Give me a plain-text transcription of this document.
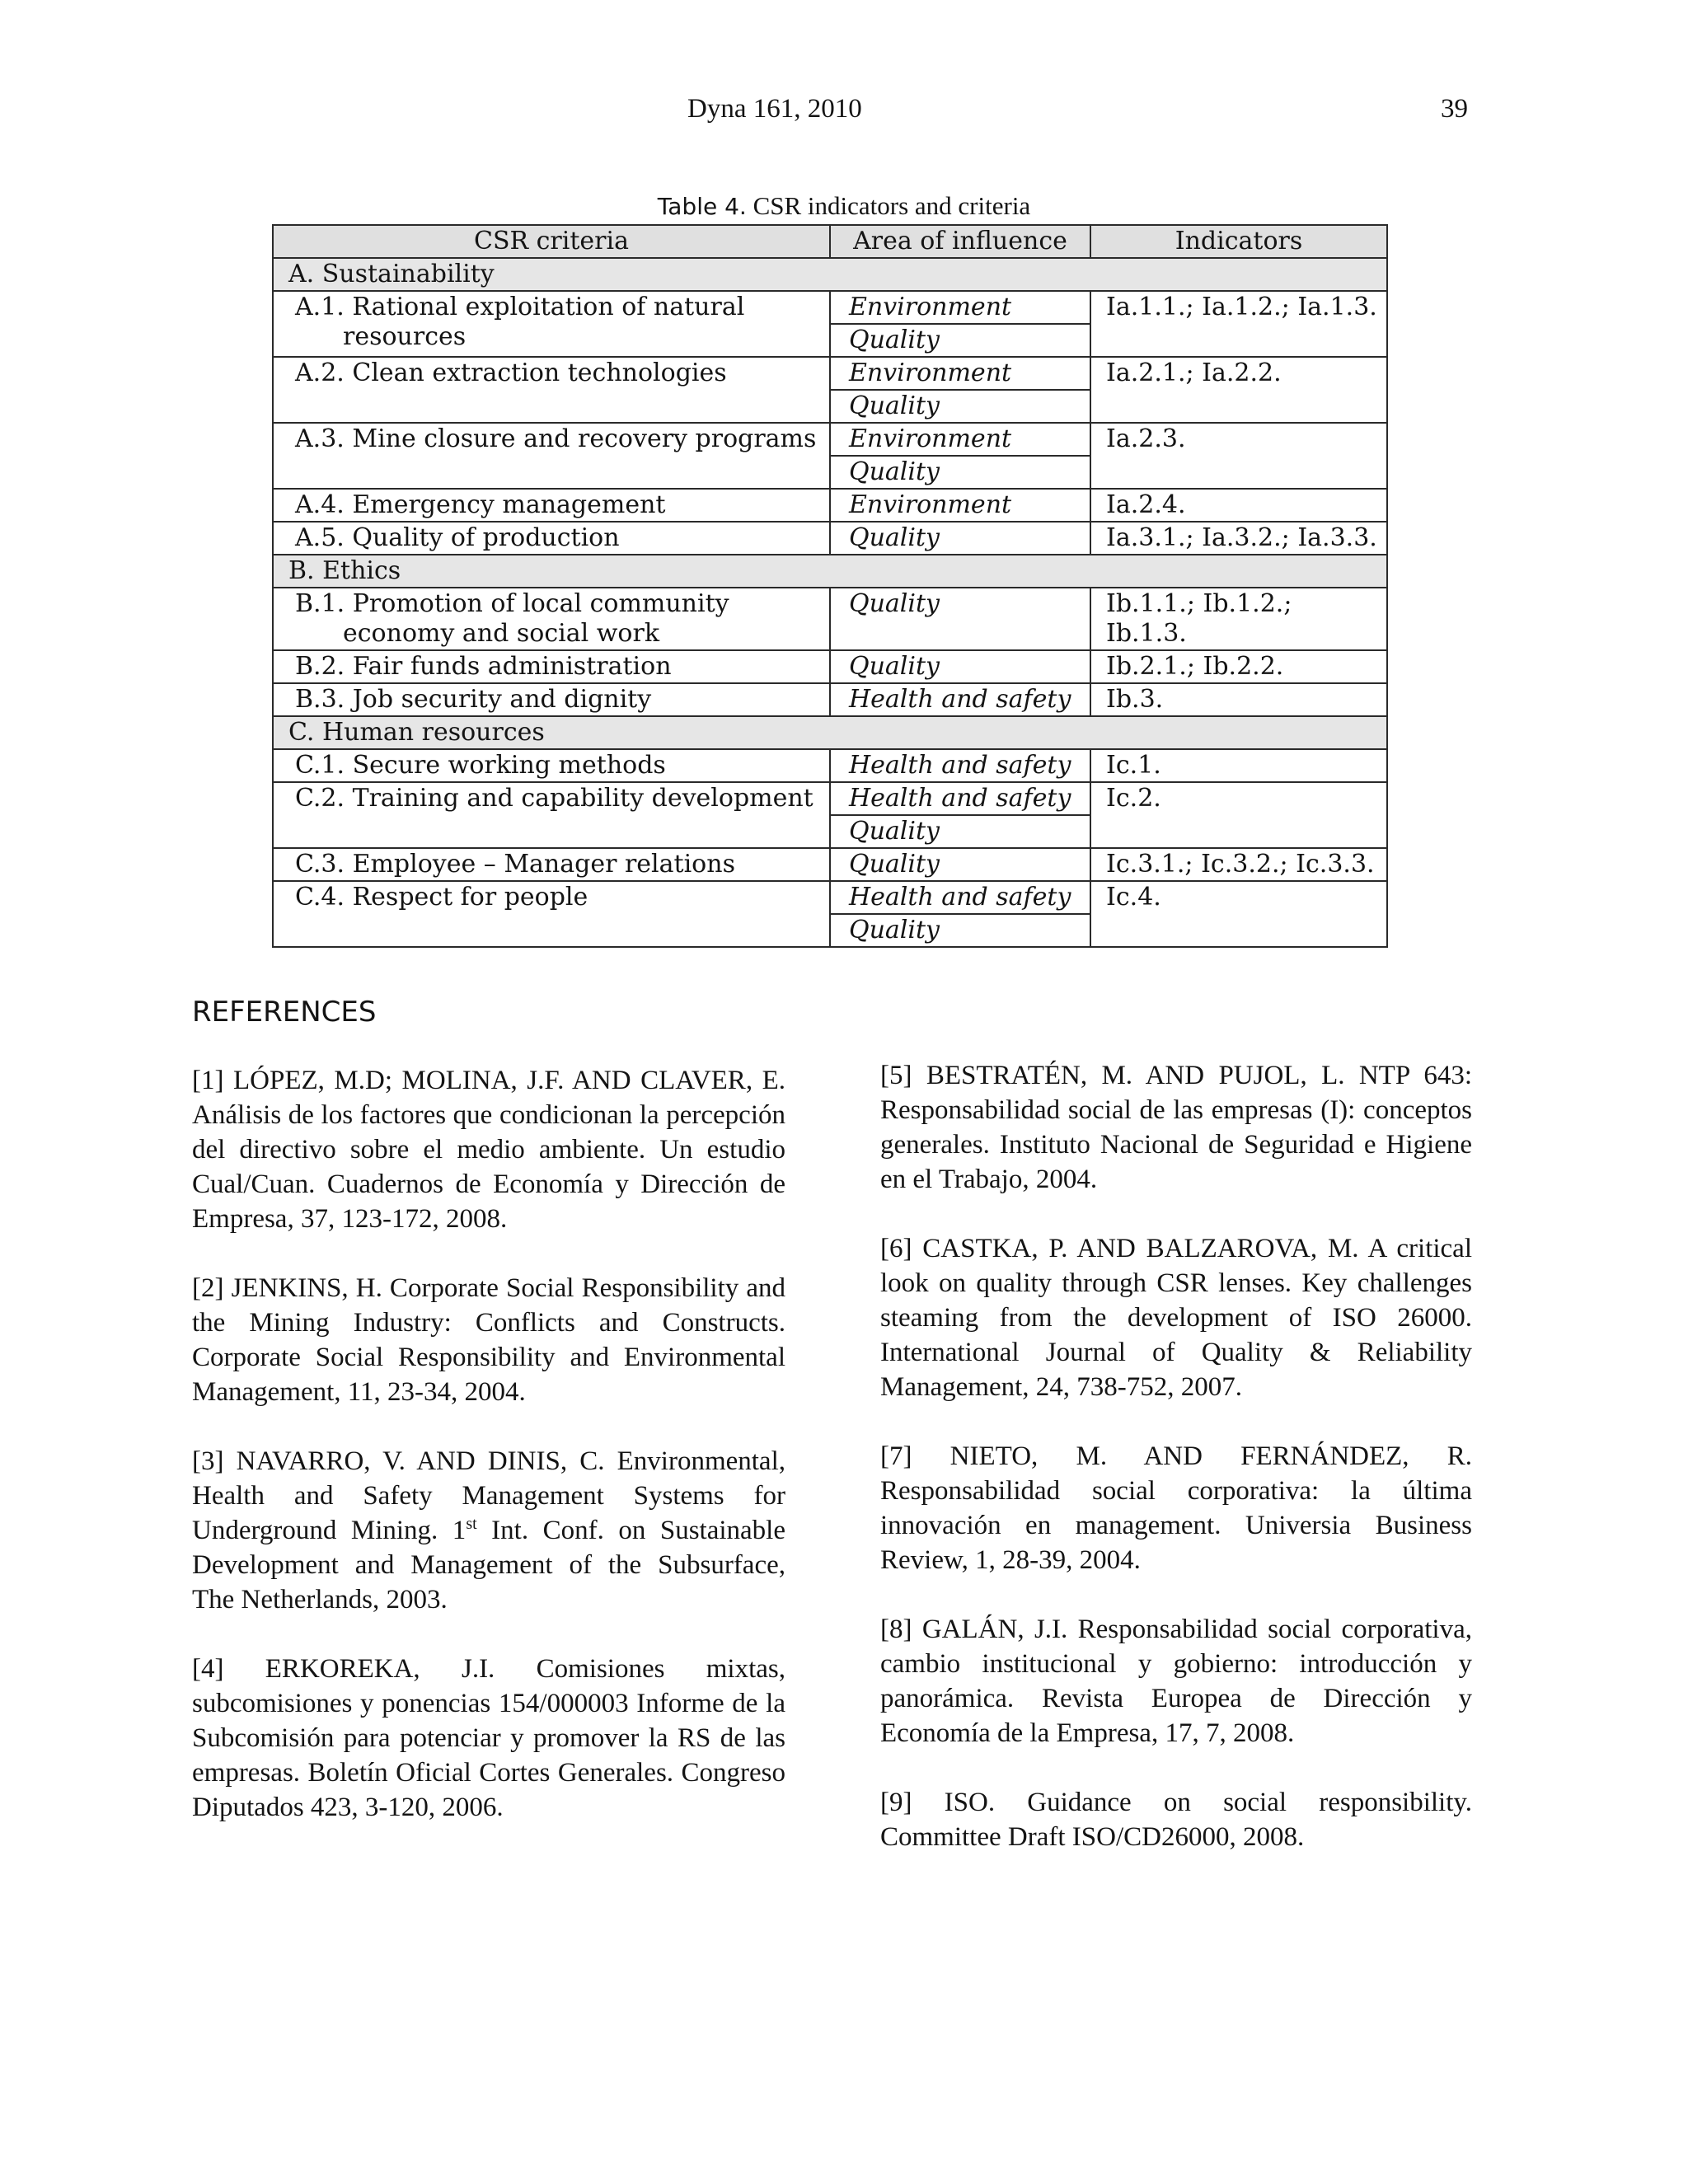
Dyna 161, 2010	39
Table 4. CSR indicators and criteria
CSR criteria	Area of influence	Indicators
A. Sustainability		
A.1. Rational exploitation of natural
resources	Environment	Ia.1.1.; Ia.1.2.; Ia.1.3.
	Quality	
A.2. Clean extraction technologies	Environment	Ia.2.1.; Ia.2.2.
	Quality	
A.3. Mine closure and recovery programs	Environment	Ia.2.3.
	Quality	
A.4. Emergency management	Environment	Ia.2.4.
A.5. Quality of production	Quality	Ia.3.1.; Ia.3.2.; Ia.3.3.
B. Ethics		
B.1. Promotion of local community
economy and social work	Quality	Ib.1.1.; Ib.1.2.; Ib.1.3.
B.2. Fair funds administration	Quality	Ib.2.1.; Ib.2.2.
B.3. Job security and dignity	Health and safety	Ib.3.
C. Human resources		
C.1. Secure working methods	Health and safety	Ic.1.
C.2. Training and capability development	Health and safety	Ic.2.
	Quality	
C.3. Employee – Manager relations	Quality	Ic.3.1.; Ic.3.2.; Ic.3.3.
C.4. Respect for people	Health and safety	Ic.4.
	Quality	
REFERENCES

[1] LÓPEZ, M.D; MOLINA, J.F. AND CLAVER, E. Análisis de los factores que condicionan la percepción del directivo sobre el medio ambiente. Un estudio Cual/Cuan. Cuadernos de Economía y Dirección de Empresa, 37, 123-172, 2008.

[2] JENKINS, H. Corporate Social Responsibility and the Mining Industry: Conflicts and Constructs. Corporate Social Responsibility and Environmental Management, 11, 23-34, 2004.

[3] NAVARRO, V. AND DINIS, C. Environmental, Health and Safety Management Systems for Underground Mining. 1st Int. Conf. on Sustainable Development and Management of the Subsurface, The Netherlands, 2003.

[4] ERKOREKA, J.I. Comisiones mixtas, subcomisiones y ponencias 154/000003 Informe de la Subcomisión para potenciar y promover la RS de las empresas. Boletín Oficial Cortes Generales. Congreso Diputados 423, 3-120, 2006.

[5] BESTRATÉN, M. AND PUJOL, L. NTP 643: Responsabilidad social de las empresas (I): conceptos generales. Instituto Nacional de Seguridad e Higiene en el Trabajo, 2004.

[6] CASTKA, P. AND BALZAROVA, M. A critical look on quality through CSR lenses. Key challenges steaming from the development of ISO 26000. International Journal of Quality & Reliability Management, 24, 738-752, 2007.

[7] NIETO, M. AND FERNÁNDEZ, R. Responsabilidad social corporativa: la última innovación en management. Universia Business Review, 1, 28-39, 2004.

[8] GALÁN, J.I. Responsabilidad social corporativa, cambio institucional y gobierno: introducción y panorámica. Revista Europea de Dirección y Economía de la Empresa, 17, 7, 2008.

[9] ISO. Guidance on social responsibility. Committee Draft ISO/CD26000, 2008.
